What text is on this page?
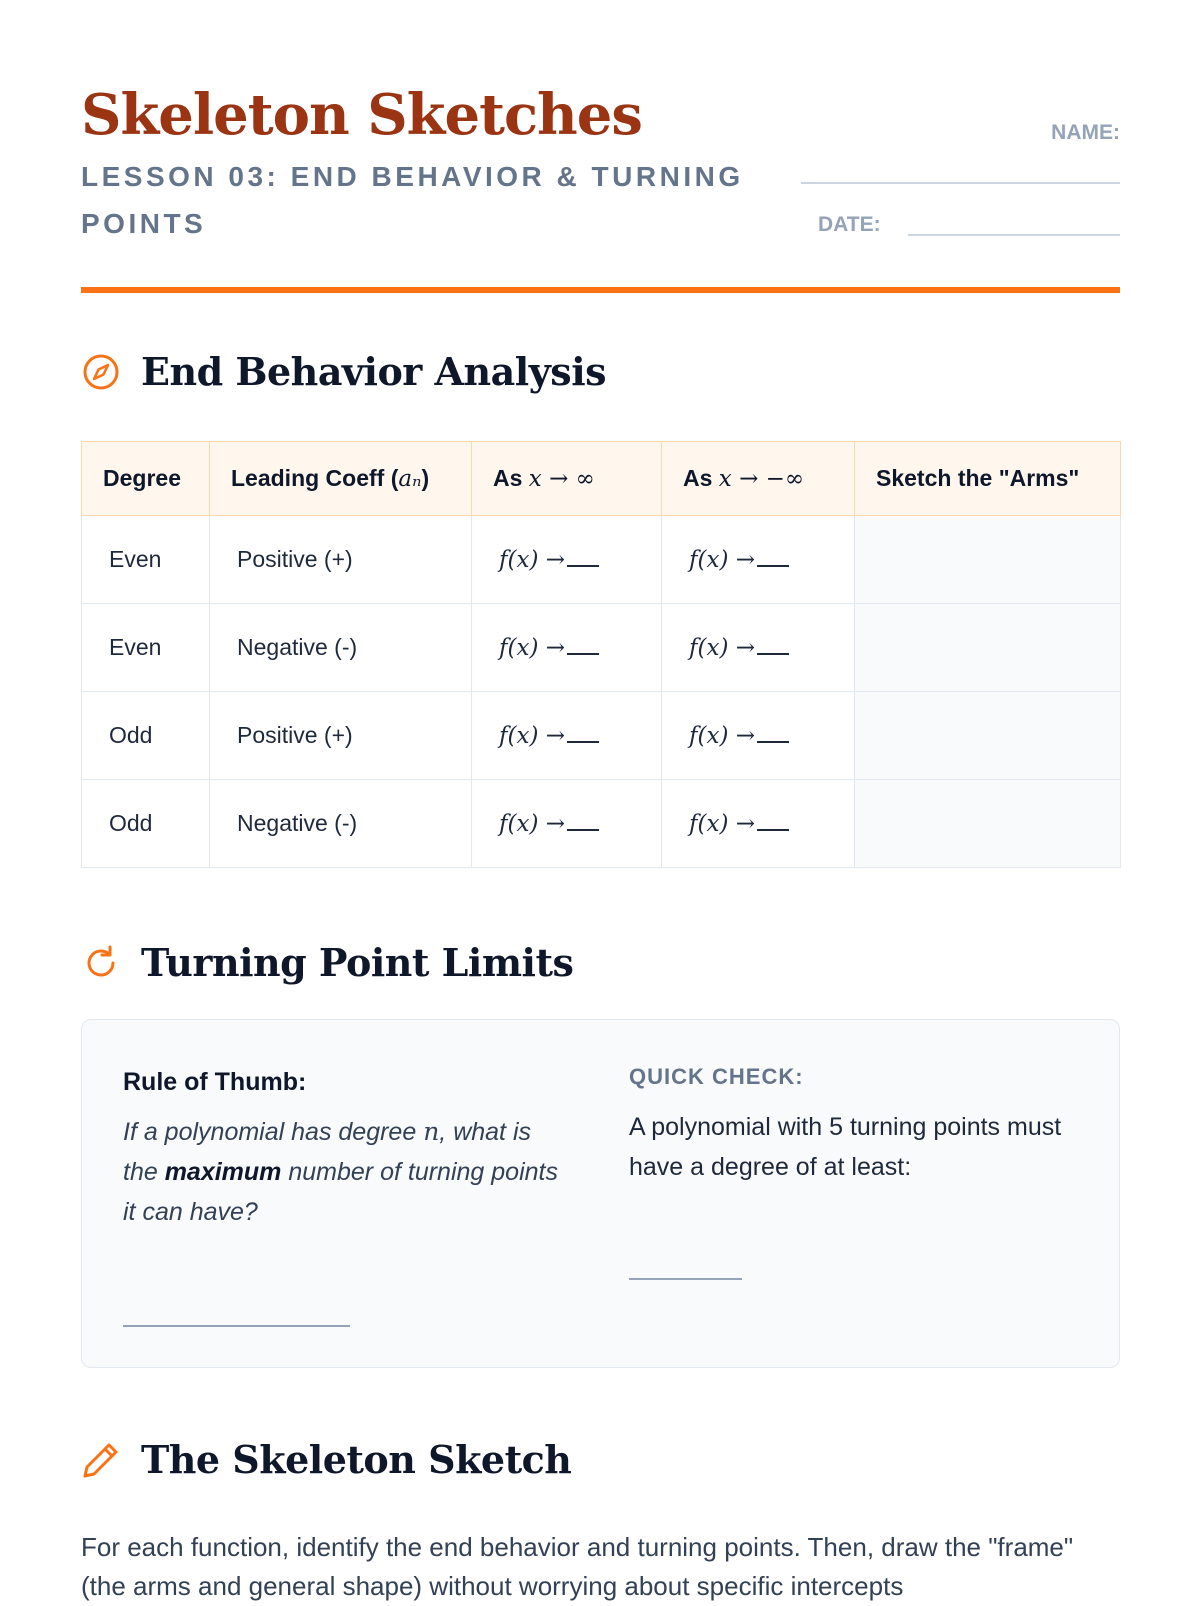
Skeleton Sketches
LESSON 03: END BEHAVIOR & TURNING POINTS
NAME:
DATE:
End Behavior Analysis
Degree	Leading Coeff (aₙ)	As x → ∞	As x → −∞	Sketch the "Arms"
Even	Positive (+)	f(x) →	f(x) →	
Even	Negative (-)	f(x) →	f(x) →	
Odd	Positive (+)	f(x) →	f(x) →	
Odd	Negative (-)	f(x) →	f(x) →	
Turning Point Limits
Rule of Thumb:
If a polynomial has degree n, what is the maximum number of turning points it can have?
QUICK CHECK:
A polynomial with 5 turning points must have a degree of at least:
The Skeleton Sketch

For each function, identify the end behavior and turning points. Then, draw the "frame" (the arms and general shape) without worrying about specific intercepts
